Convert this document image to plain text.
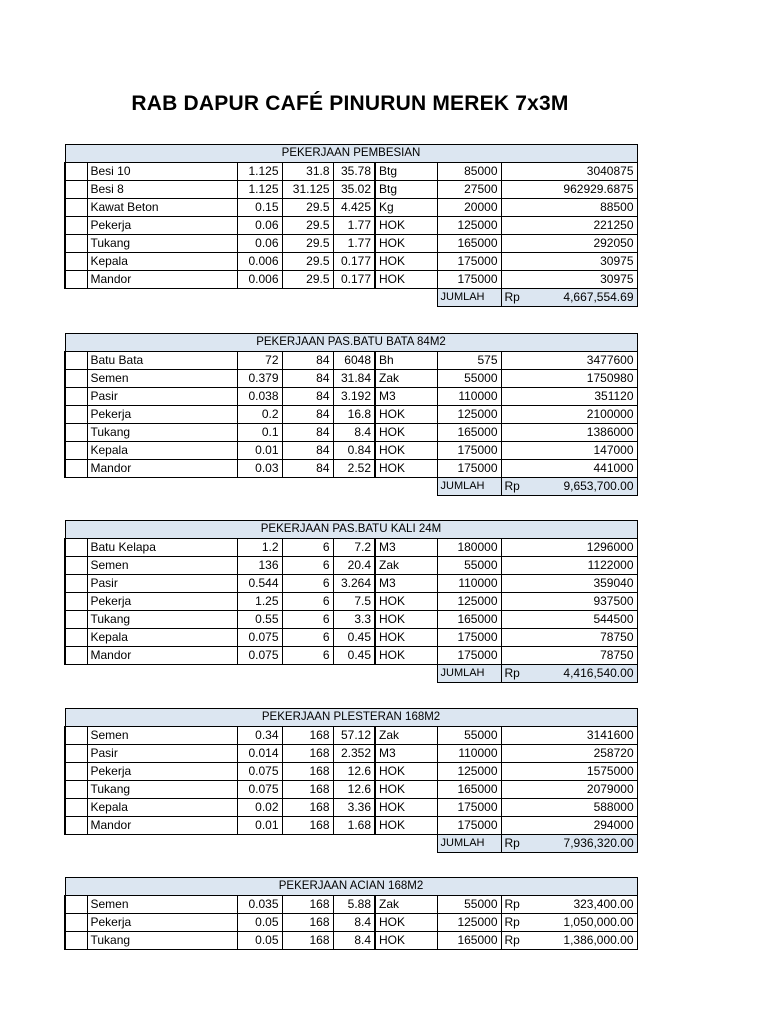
RAB DAPUR CAFÉ PINURUN MEREK 7x3M
PEKERJAAN PEMBESIAN								
	Besi 10	1.125	31.8	35.78	Btg	85000		3040875
	Besi 8	1.125	31.125	35.02	Btg	27500		962929.6875
	Kawat Beton	0.15	29.5	4.425	Kg	20000		88500
	Pekerja	0.06	29.5	1.77	HOK	125000		221250
	Tukang	0.06	29.5	1.77	HOK	165000		292050
	Kepala	0.006	29.5	0.177	HOK	175000		30975
	Mandor	0.006	29.5	0.177	HOK	175000		30975
						JUMLAH	Rp	4,667,554.69
PEKERJAAN PAS.BATU BATA 84M2								
	Batu Bata	72	84	6048	Bh	575		3477600
	Semen	0.379	84	31.84	Zak	55000		1750980
	Pasir	0.038	84	3.192	M3	110000		351120
	Pekerja	0.2	84	16.8	HOK	125000		2100000
	Tukang	0.1	84	8.4	HOK	165000		1386000
	Kepala	0.01	84	0.84	HOK	175000		147000
	Mandor	0.03	84	2.52	HOK	175000		441000
						JUMLAH	Rp	9,653,700.00
PEKERJAAN PAS.BATU KALI 24M								
	Batu Kelapa	1.2	6	7.2	M3	180000		1296000
	Semen	136	6	20.4	Zak	55000		1122000
	Pasir	0.544	6	3.264	M3	110000		359040
	Pekerja	1.25	6	7.5	HOK	125000		937500
	Tukang	0.55	6	3.3	HOK	165000		544500
	Kepala	0.075	6	0.45	HOK	175000		78750
	Mandor	0.075	6	0.45	HOK	175000		78750
						JUMLAH	Rp	4,416,540.00
PEKERJAAN PLESTERAN 168M2								
	Semen	0.34	168	57.12	Zak	55000		3141600
	Pasir	0.014	168	2.352	M3	110000		258720
	Pekerja	0.075	168	12.6	HOK	125000		1575000
	Tukang	0.075	168	12.6	HOK	165000		2079000
	Kepala	0.02	168	3.36	HOK	175000		588000
	Mandor	0.01	168	1.68	HOK	175000		294000
						JUMLAH	Rp	7,936,320.00
PEKERJAAN ACIAN 168M2								
	Semen	0.035	168	5.88	Zak	55000	Rp	323,400.00
	Pekerja	0.05	168	8.4	HOK	125000	Rp	1,050,000.00
	Tukang	0.05	168	8.4	HOK	165000	Rp	1,386,000.00
